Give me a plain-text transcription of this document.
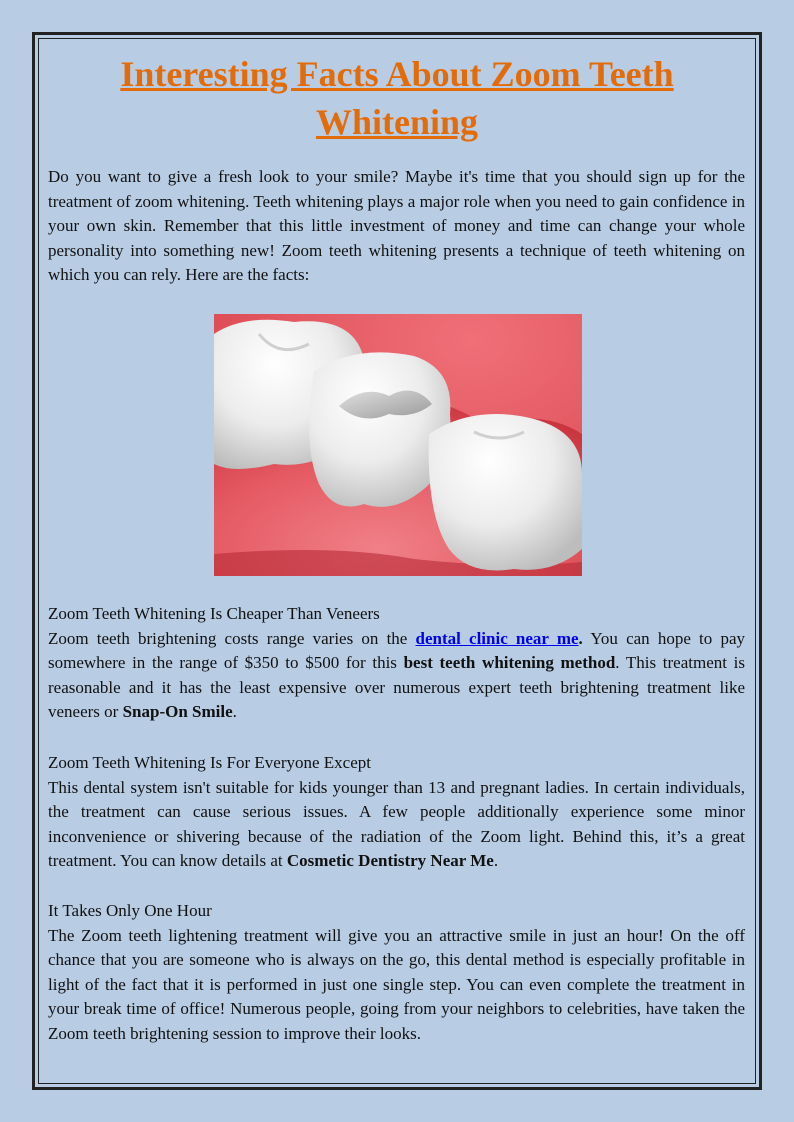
Interesting Facts About Zoom Teeth Whitening

Do you want to give a fresh look to your smile? Maybe it's time that you should sign up for the treatment of zoom whitening. Teeth whitening plays a major role when you need to gain confidence in your own skin. Remember that this little investment of money and time can change your whole personality into something new! Zoom teeth whitening presents a technique of teeth whitening on which you can rely. Here are the facts:

Zoom Teeth Whitening Is Cheaper Than Veneers

Zoom teeth brightening costs range varies on the dental clinic near me. You can hope to pay somewhere in the range of $350 to $500 for this best teeth whitening method. This treatment is reasonable and it has the least expensive over numerous expert teeth brightening treatment like veneers or Snap-On Smile.

Zoom Teeth Whitening Is For Everyone Except

This dental system isn't suitable for kids younger than 13 and pregnant ladies. In certain individuals, the treatment can cause serious issues. A few people additionally experience some minor inconvenience or shivering because of the radiation of the Zoom light. Behind this, it’s a great treatment. You can know details at Cosmetic Dentistry Near Me.

It Takes Only One Hour

The Zoom teeth lightening treatment will give you an attractive smile in just an hour! On the off chance that you are someone who is always on the go, this dental method is especially profitable in light of the fact that it is performed in just one single step. You can even complete the treatment in your break time of office! Numerous people, going from your neighbors to celebrities, have taken the Zoom teeth brightening session to improve their looks.
